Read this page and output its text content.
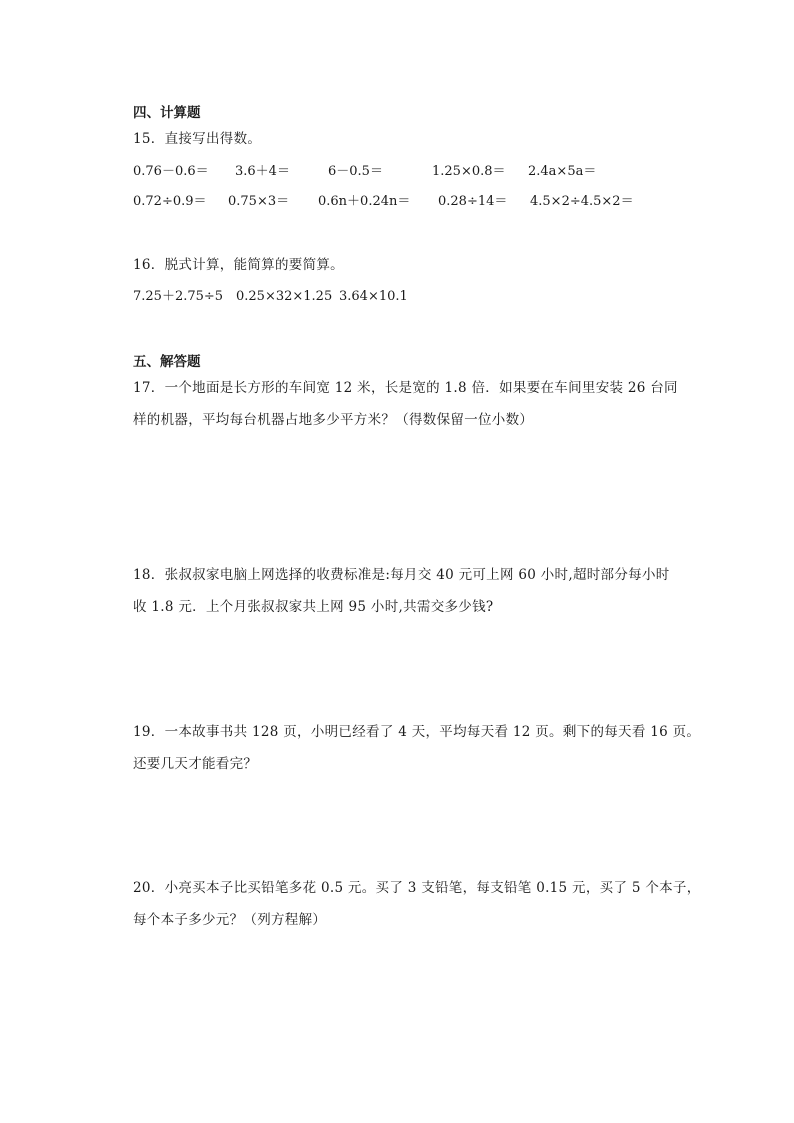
四、计算题
15．直接写出得数。
0.76－0.6＝ 3.6＋4＝	6－0.5＝	1.25×0.8＝ 2.4a×5a＝
0.72÷0.9＝ 0.75×3＝ 0.6n＋0.24n＝ 0.28÷14＝ 4.5×2÷4.5×2＝
16．脱式计算，能简算的要简算。
7.25＋2.75÷5 0.25×32×1.25 3.64×10.1
五、解答题
17．一个地面是长方形的车间宽 12 米，长是宽的 1.8 倍．如果要在车间里安装 26 台同
样的机器，平均每台机器占地多少平方米？（得数保留一位小数）
18．张叔叔家电脑上网选择的收费标准是:每月交 40 元可上网 60 小时,超时部分每小时
收 1.8 元．上个月张叔叔家共上网 95 小时,共需交多少钱?
19．一本故事书共 128 页，小明已经看了 4 天，平均每天看 12 页。剩下的每天看 16 页。
还要几天才能看完？
20．小亮买本子比买铅笔多花 0.5 元。买了 3 支铅笔，每支铅笔 0.15 元，买了 5 个本子，
每个本子多少元？（列方程解）
